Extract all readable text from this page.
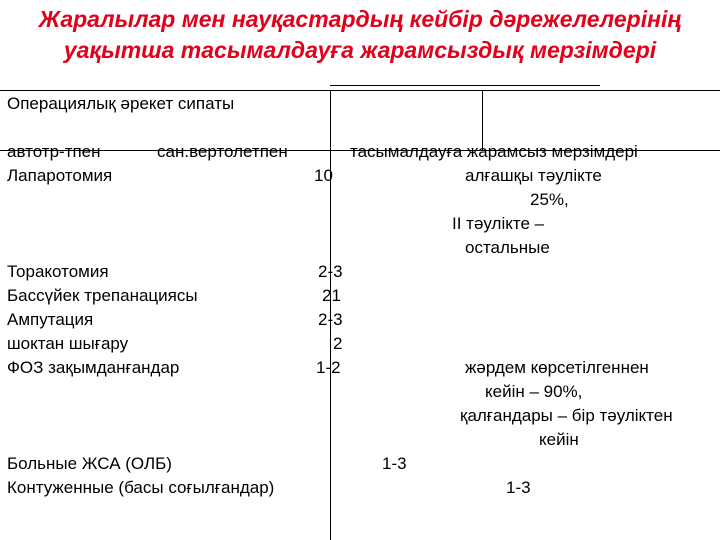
Жаралылар мен науқастардың кейбір дәрежелелерінің
уақытша тасымалдауға жарамсыздық мерзімдері
Операциялық әрекет сипаты
автотр-тпен	сан.вертолетпен	тасымалдауға жарамсыз мерзімдері
Лапаротомия	10	алғашқы тәулікте
25%,
ІІ тәулікте –
остальные
Торакотомия	2-3
Бассүйек трепанациясы	21
Ампутация	2-3
шоктан шығару	2
ФОЗ зақымданғандар	1-2	жәрдем көрсетілгеннен
кейін – 90%,
қалғандары – бір тәуліктен
кейін
Больные ЖСА (ОЛБ)	1-3
Контуженные (басы соғылғандар)	1-3
